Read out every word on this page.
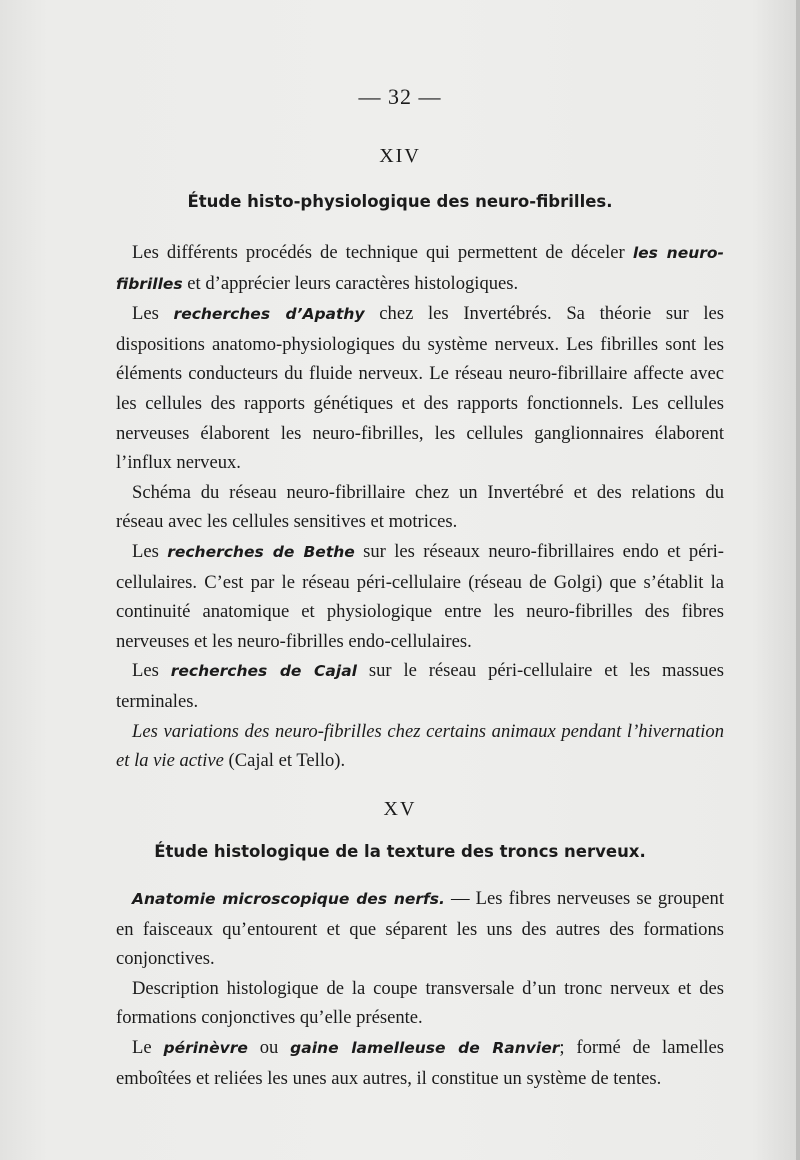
— 32 —
XIV
Étude histo-physiologique des neuro-fibrilles.

Les différents procédés de technique qui permettent de déceler les neuro-fibrilles et d’apprécier leurs caractères histologiques.

Les recherches d’Apathy chez les Invertébrés. Sa théorie sur les dispositions anatomo-physiologiques du système nerveux. Les fibrilles sont les éléments conducteurs du fluide nerveux. Le réseau neuro-fibrillaire affecte avec les cellules des rapports génétiques et des rapports fonctionnels. Les cellules nerveuses élaborent les neuro-fibrilles, les cellules ganglionnaires élaborent l’influx nerveux.

Schéma du réseau neuro-fibrillaire chez un Invertébré et des relations du réseau avec les cellules sensitives et motrices.

Les recherches de Bethe sur les réseaux neuro-fibrillaires endo et péri-cellulaires. C’est par le réseau péri-cellulaire (réseau de Golgi) que s’établit la continuité anatomique et physiologique entre les neuro-fibrilles des fibres nerveuses et les neuro-fibrilles endo-cellulaires.

Les recherches de Cajal sur le réseau péri-cellulaire et les massues terminales.

Les variations des neuro-fibrilles chez certains animaux pendant l’hivernation et la vie active (Cajal et Tello).

XV
Étude histologique de la texture des troncs nerveux.

Anatomie microscopique des nerfs. — Les fibres nerveuses se groupent en faisceaux qu’entourent et que séparent les uns des autres des formations conjonctives.

Description histologique de la coupe transversale d’un tronc nerveux et des formations conjonctives qu’elle présente.

Le périnèvre ou gaine lamelleuse de Ranvier; formé de lamelles emboîtées et reliées les unes aux autres, il constitue un système de tentes.
